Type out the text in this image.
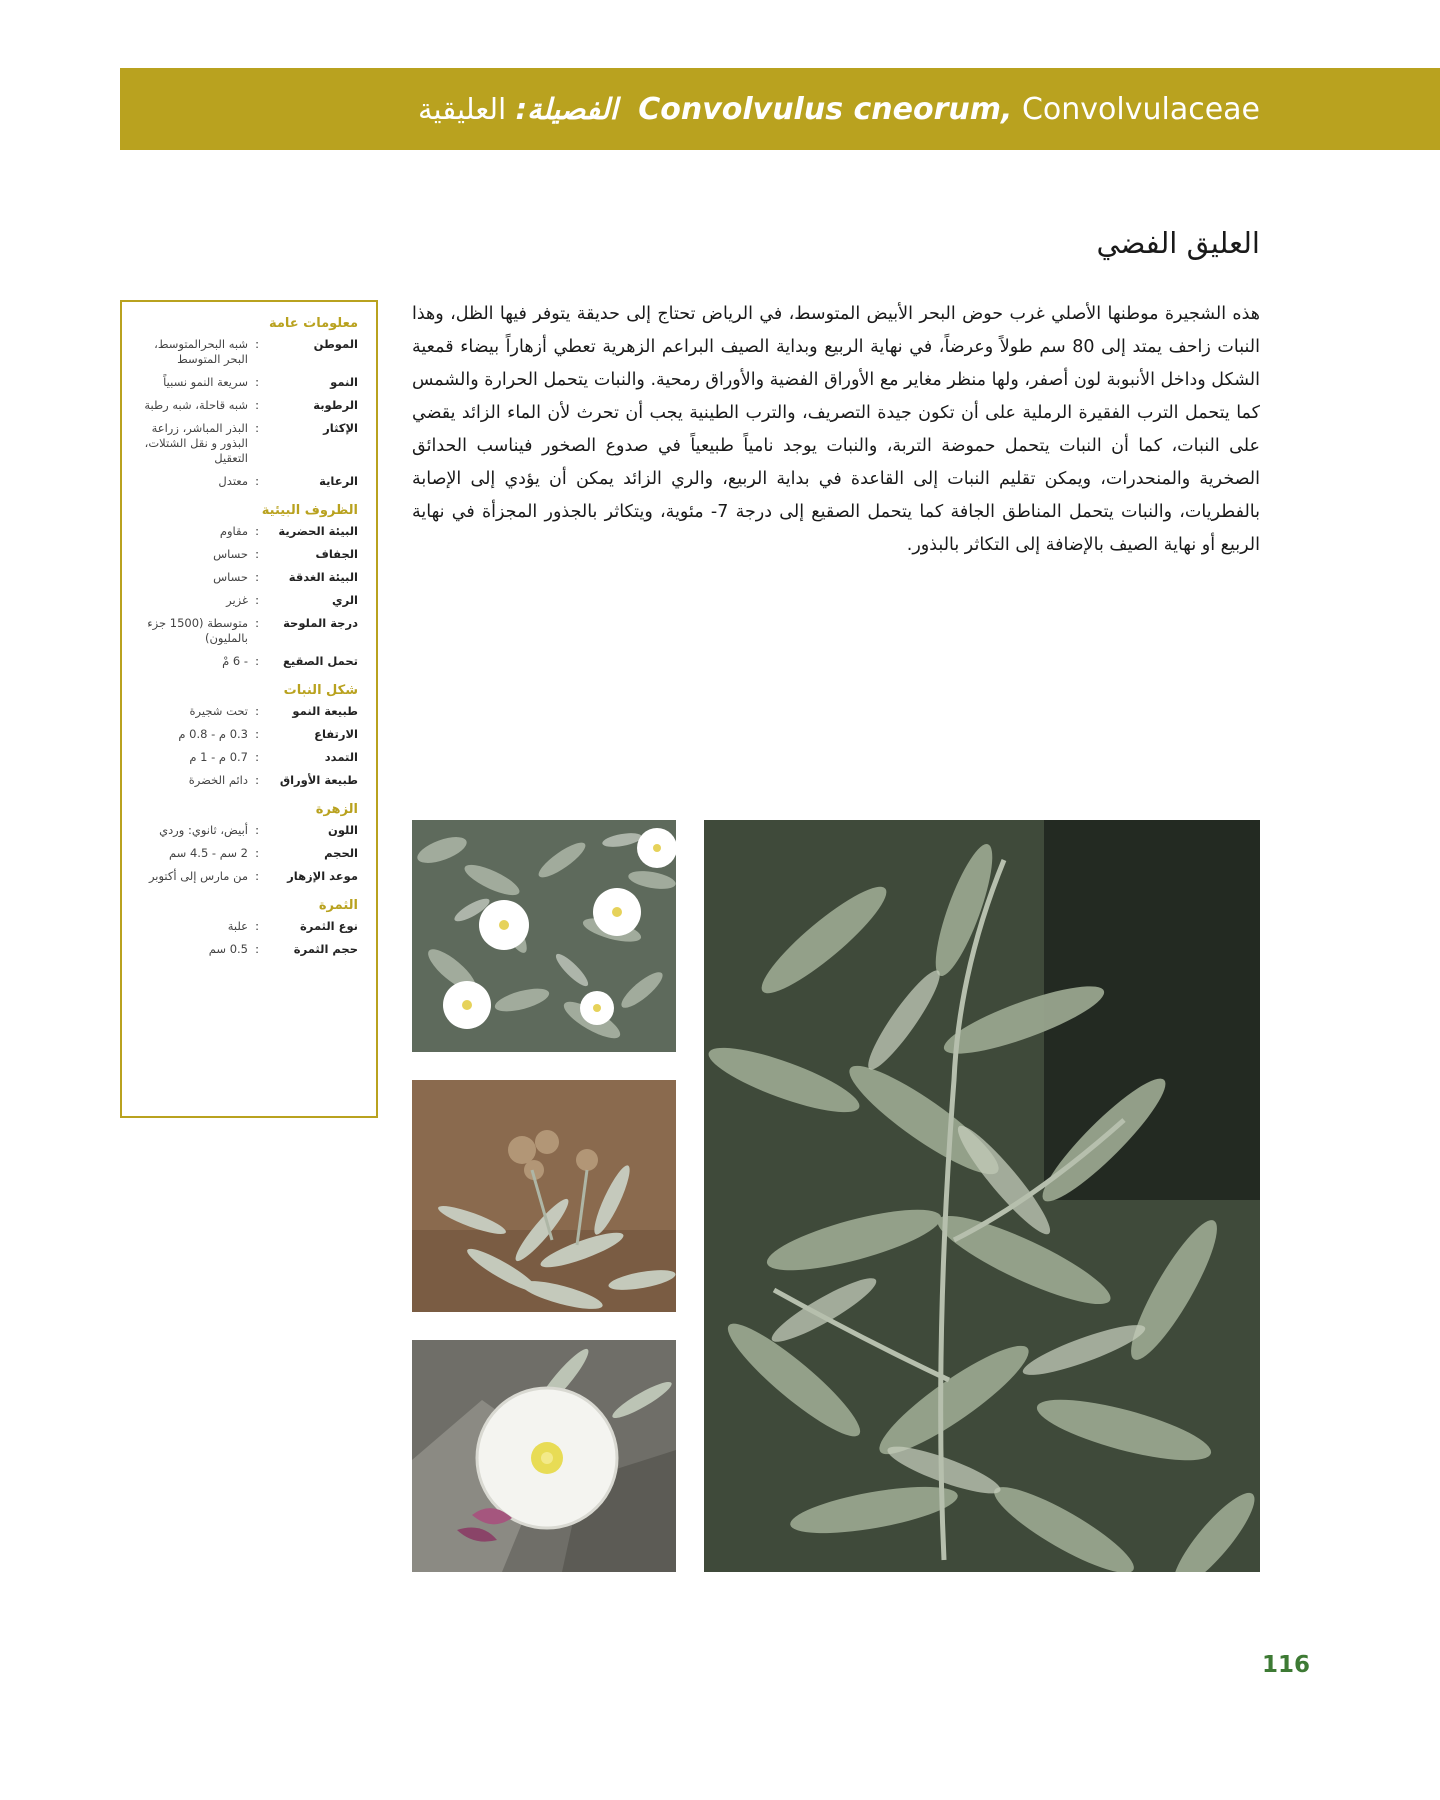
Convolvulus cneorum, Convolvulaceae
الفصيلة: العليقية
العليق الفضي
هذه الشجيرة موطنها الأصلي غرب حوض البحر الأبيض المتوسط، في الرياض تحتاج إلى حديقة يتوفر فيها الظل، وهذا النبات زاحف يمتد إلى 80 سم طولاً وعرضاً، في نهاية الربيع وبداية الصيف البراعم الزهرية تعطي أزهاراً بيضاء قمعية الشكل وداخل الأنبوبة لون أصفر، ولها منظر مغاير مع الأوراق الفضية والأوراق رمحية. والنبات يتحمل الحرارة والشمس كما يتحمل الترب الفقيرة الرملية على أن تكون جيدة التصريف، والترب الطينية يجب أن تحرث لأن الماء الزائد يقضي على النبات، كما أن النبات يتحمل حموضة التربة، والنبات يوجد نامياً طبيعياً في صدوع الصخور فيناسب الحدائق الصخرية والمنحدرات، ويمكن تقليم النبات إلى القاعدة في بداية الربيع، والري الزائد يمكن أن يؤدي إلى الإصابة بالفطريات، والنبات يتحمل المناطق الجافة كما يتحمل الصقيع إلى درجة 7- مئوية، ويتكاثر بالجذور المجزأة في نهاية الربيع أو نهاية الصيف بالإضافة إلى التكاثر بالبذور.
معلومات عامة
الموطن
:
شبه البحرالمتوسط، البحر المتوسط
النمو
:
سريعة النمو نسبياً
الرطوبة
:
شبه قاحلة، شبه رطبة
الإكثار
:
البذر المباشر، زراعة البذور و نقل الشتلات، التعقيل
الرعاية
:
معتدل
الظروف البيئية
البيئة الحضرية
:
مقاوم
الجفاف
:
حساس
البيئة الغدقة
:
حساس
الري
:
غزير
درجة الملوحة
:
متوسطة (1500 جزء بالمليون)
تحمل الصقيع
:
- 6 مْ
شكل النبات
طبيعة النمو
:
تحت شجيرة
الارتفاع
:
0.3 م - 0.8 م
التمدد
:
0.7 م - 1 م
طبيعة الأوراق
:
دائم الخضرة
الزهرة
اللون
:
أبيض، ثانوي: وردي
الحجم
:
2 سم - 4.5 سم
موعد الإزهار
:
من مارس إلى أكتوبر
الثمرة
نوع الثمرة
:
علبة
حجم الثمرة
:
0.5 سم
116
